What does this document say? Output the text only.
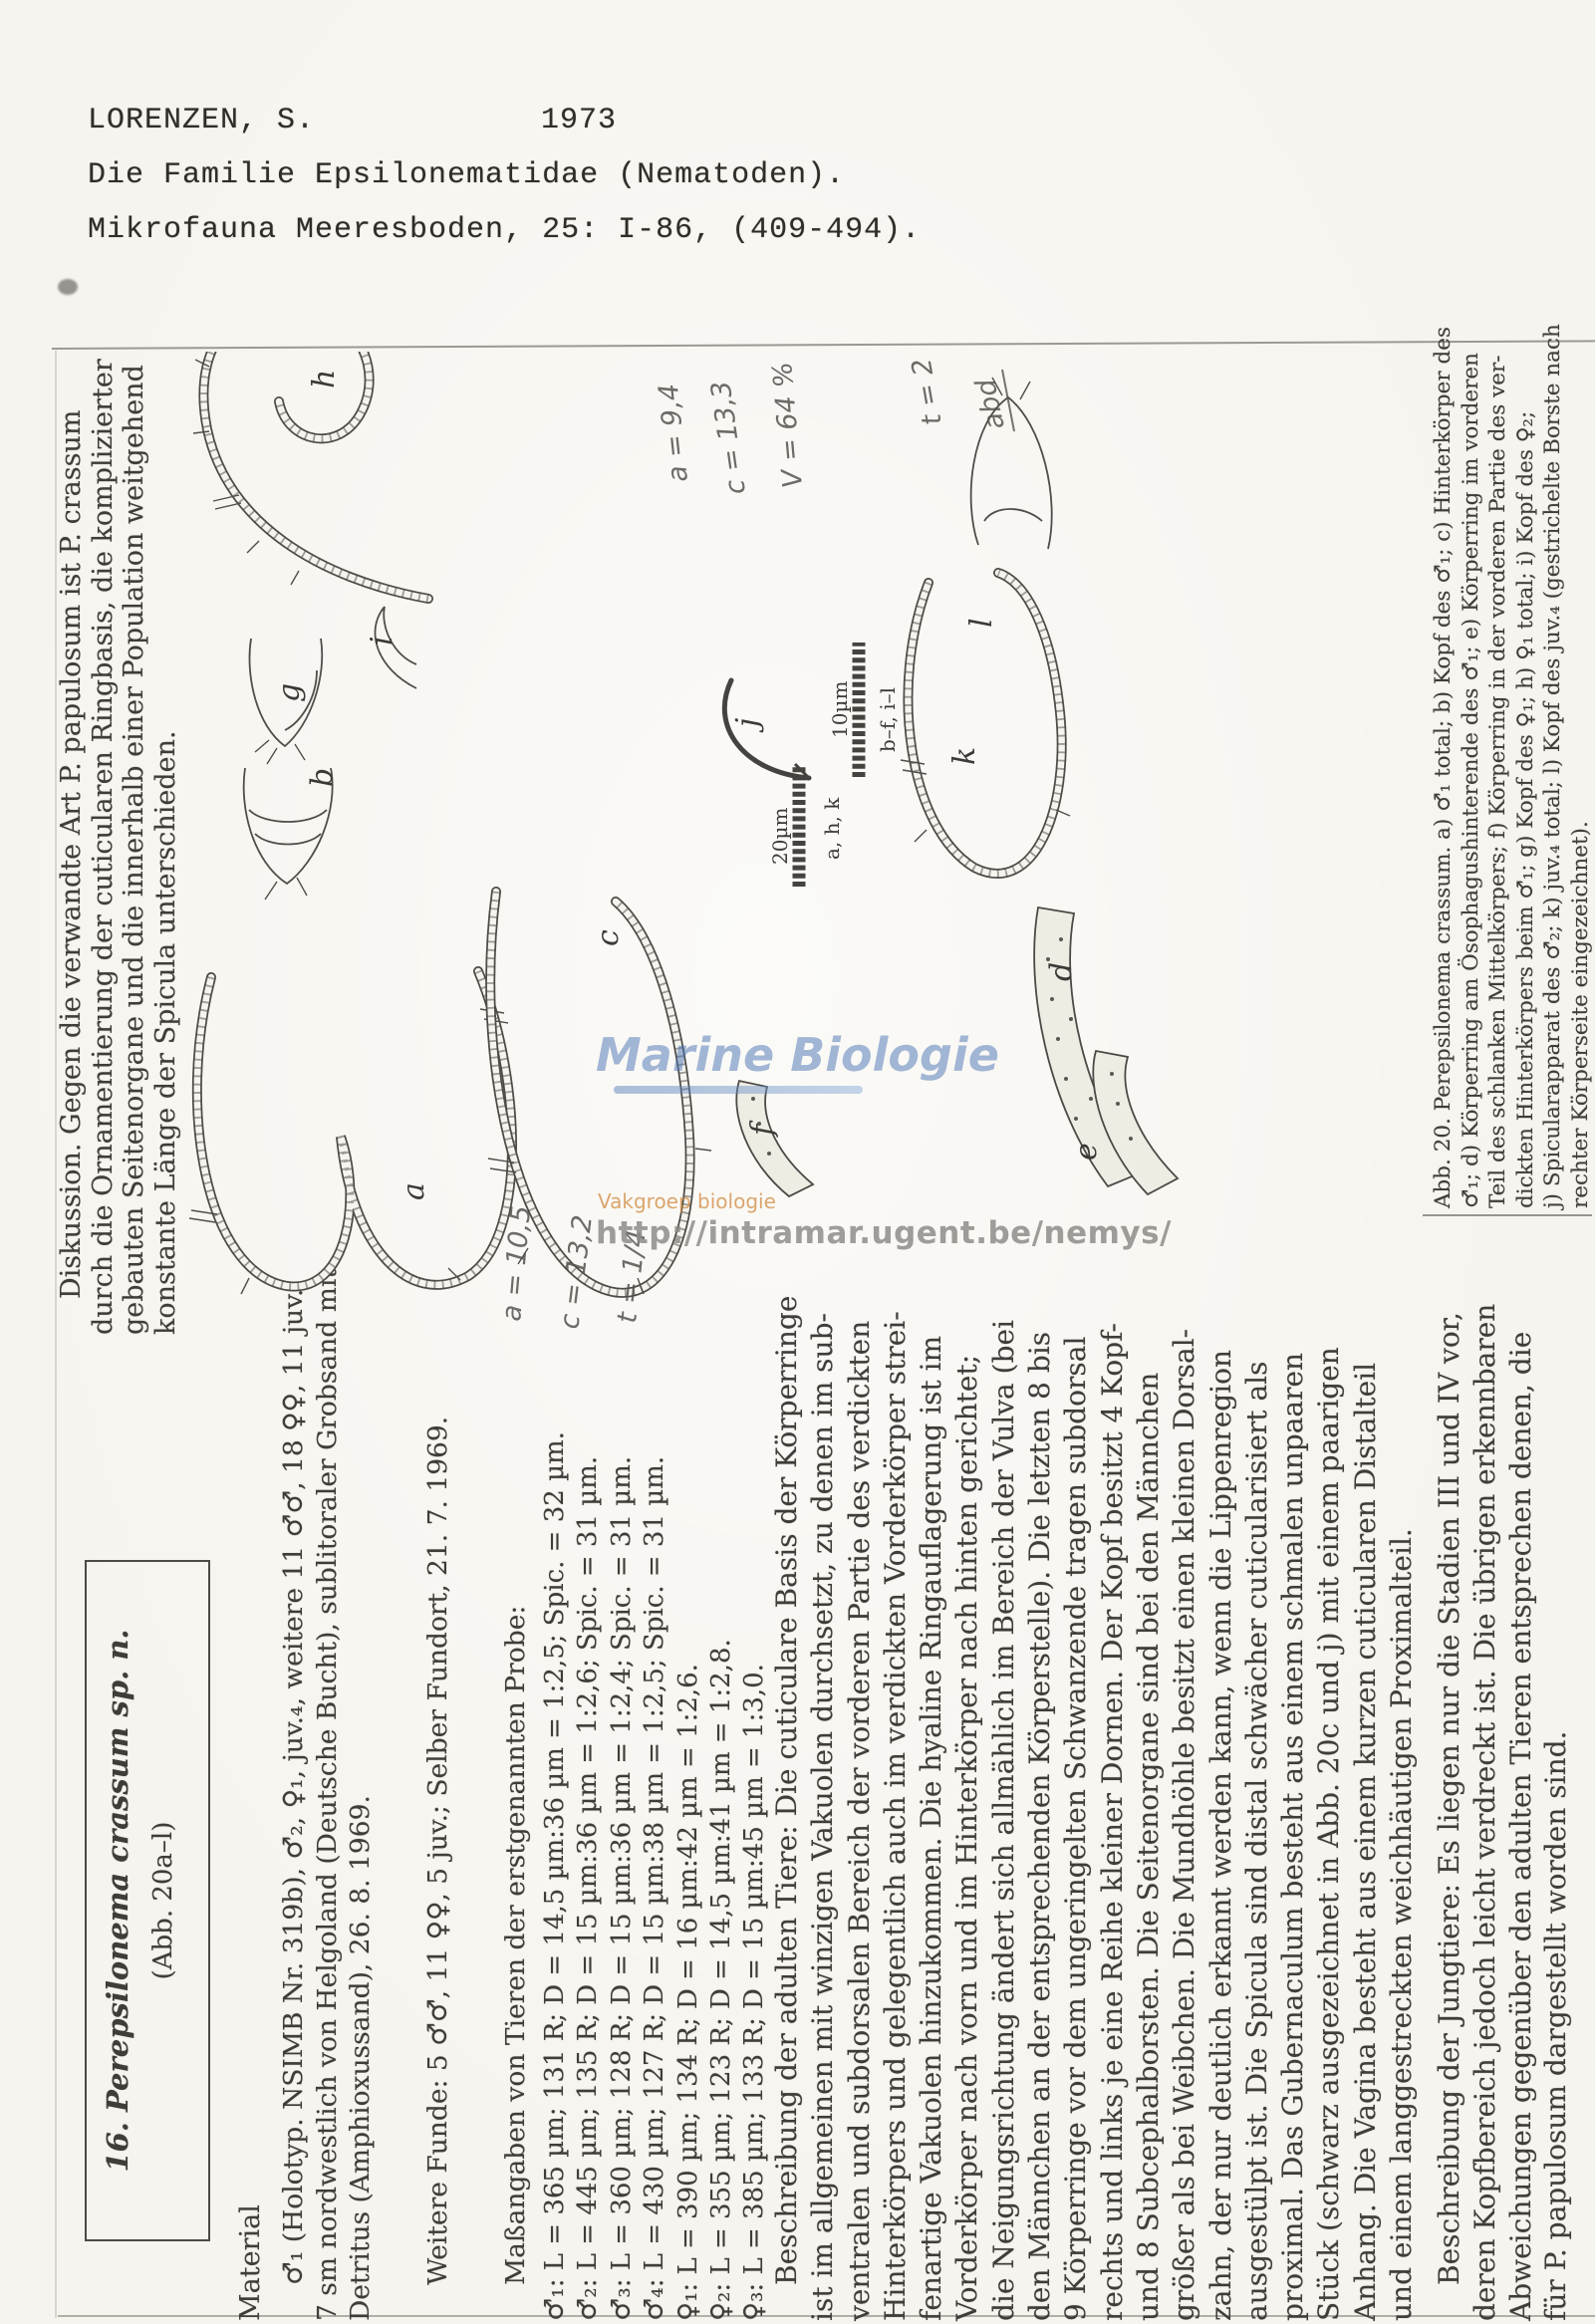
LORENZEN, S.	1973
Die Familie Epsilonematidae (Nematoden).
Mikrofauna Meeresboden, 25: I-86, (409-494).
Diskussion. Gegen die verwandte Art P. papulosum ist P. crassum durch die Ornamentierung der cuticularen Ringbasis, die komplizierter gebauten Seitenorgane und die innerhalb einer Population weitgehend konstante Länge der Spicula unterschieden.
16. Perepsilonema crassum sp. n. (Abb. 20a–l)
Material ♂₁ (Holotyp. NSIMB Nr. 319b), ♂₂, ♀₁, juv.₄, weitere 11 ♂♂, 18 ♀♀, 11 juv.; 7 sm nordwestlich von Helgoland (Deutsche Bucht), sublitoraler Grobsand mit Detritus (Amphioxussand), 26. 8. 1969. Weitere Funde: 5 ♂♂, 11 ♀♀, 5 juv.; Selber Fundort, 21. 7. 1969. Maßangaben von Tieren der erstgenannten Probe: ♂₁: L = 365 µm; 131 R; D = 14,5 µm:36 µm = 1:2,5; Spic. = 32 µm. ♂₂: L = 445 µm; 135 R; D = 15 µm:36 µm = 1:2,6; Spic. = 31 µm. ♂₃: L = 360 µm; 128 R; D = 15 µm:36 µm = 1:2,4; Spic. = 31 µm. ♂₄: L = 430 µm; 127 R; D = 15 µm:38 µm = 1:2,5; Spic. = 31 µm. ♀₁: L = 390 µm; 134 R; D = 16 µm:42 µm = 1:2,6. ♀₂: L = 355 µm; 123 R; D = 14,5 µm:41 µm = 1:2,8. ♀₃: L = 385 µm; 133 R; D = 15 µm:45 µm = 1:3,0. Beschreibung der adulten Tiere: Die cuticulare Basis der Körperringe ist im allgemeinen mit winzigen Vakuolen durchsetzt, zu denen im sub- ventralen und subdorsalen Bereich der vorderen Partie des verdickten Hinterkörpers und gelegentlich auch im verdickten Vorderkörper strei- fenartige Vakuolen hinzukommen. Die hyaline Ringauflagerung ist im Vorderkörper nach vorn und im Hinterkörper nach hinten gerichtet; die Neigungsrichtung ändert sich allmählich im Bereich der Vulva (bei den Männchen an der entsprechenden Körperstelle). Die letzten 8 bis 9 Körperringe vor dem ungeringelten Schwanzende tragen subdorsal rechts und links je eine Reihe kleiner Dornen. Der Kopf besitzt 4 Kopf- und 8 Subcephalborsten. Die Seitenorgane sind bei den Männchen größer als bei Weibchen. Die Mundhöhle besitzt einen kleinen Dorsal- zahn, der nur deutlich erkannt werden kann, wenn die Lippenregion ausgestülpt ist. Die Spicula sind distal schwächer cuticularisiert als proximal. Das Gubernaculum besteht aus einem schmalen unpaaren Stück (schwarz ausgezeichnet in Abb. 20c und j) mit einem paarigen Anhang. Die Vagina besteht aus einem kurzen cuticularen Distalteil und einem langgestreckten weichhäutigen Proximalteil. Beschreibung der Jungtiere: Es liegen nur die Stadien III und IV vor, deren Kopfbereich jedoch leicht verdreckt ist. Die übrigen erkennbaren Abweichungen gegenüber den adulten Tieren entsprechen denen, die für P. papulosum dargestellt worden sind.
Abb. 20. Perepsilonema crassum. a) ♂₁ total; b) Kopf des ♂₁; c) Hinterkörper des ♂₁; d) Körperring am Ösophagushinterende des ♂₁; e) Körperring im vorderen Teil des schlanken Mittelkörpers; f) Körperring in der vorderen Partie des ver- dickten Hinterkörpers beim ♂₁; g) Kopf des ♀₁; h) ♀₁ total; i) Kopf des ♀₂; j) Spicularapparat des ♂₂; k) juv.₄ total; l) Kopf des juv.₄ (gestrichelte Borste nach rechter Körperseite eingezeichnet).
a
b
c
d
e
f
g
h
i
j
k
l
20µm a, h, k
10µm b–f, i–l
a = 9,4 c = 13,3 V = 64 %	t = 2 abd
a = 10,5 c = 13,2 t = 1/4
Marine Biologie
Vakgroep biologie
http://intramar.ugent.be/nemys/
